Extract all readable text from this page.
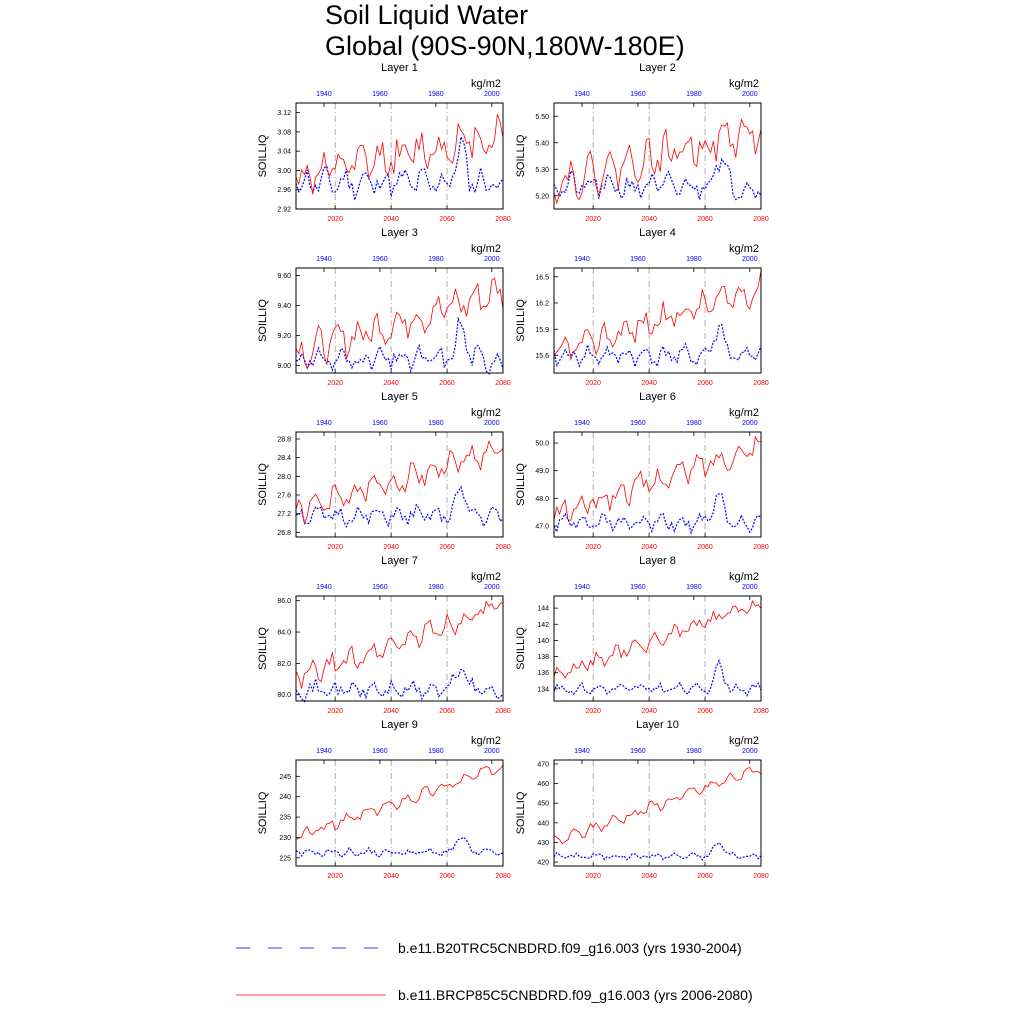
Soil Liquid Water
Global (90S-90N,180W-180E)
Layer 1
kg/m2
SOILLIQ
2.92
2.96
3.00
3.04
3.08
3.12
2020	2040	2060	2080
1940	1960	1980	2000
Layer 2
kg/m2
SOILLIQ
5.20
5.30
5.40
5.50
2020	2040	2060	2080
1940	1960	1980	2000
Layer 3
kg/m2
SOILLIQ
9.00
9.20
9.40
9.60
2020	2040	2060	2080
1940	1960	1980	2000
Layer 4
kg/m2
SOILLIQ
15.6
15.9
16.2
16.5
2020	2040	2060	2080
1940	1960	1980	2000
Layer 5
kg/m2
SOILLIQ
26.8
27.2
27.6
28.0
28.4
28.8
2020	2040	2060	2080
1940	1960	1980	2000
Layer 6
kg/m2
SOILLIQ
47.0
48.0
49.0
50.0
2020	2040	2060	2080
1940	1960	1980	2000
Layer 7
kg/m2
SOILLIQ
80.0
82.0
84.0
86.0
2020	2040	2060	2080
1940	1960	1980	2000
Layer 8
kg/m2
SOILLIQ
134
136
138
140
142
144
2020	2040	2060	2080
1940	1960	1980	2000
Layer 9
kg/m2
SOILLIQ
225
230
235
240
245
2020	2040	2060	2080
1940	1960	1980	2000
Layer 10
kg/m2
SOILLIQ
420
430
440
450
460
470
2020	2040	2060	2080
1940	1960	1980	2000
b.e11.B20TRC5CNBDRD.f09_g16.003 (yrs 1930-2004)
b.e11.BRCP85C5CNBDRD.f09_g16.003 (yrs 2006-2080)
